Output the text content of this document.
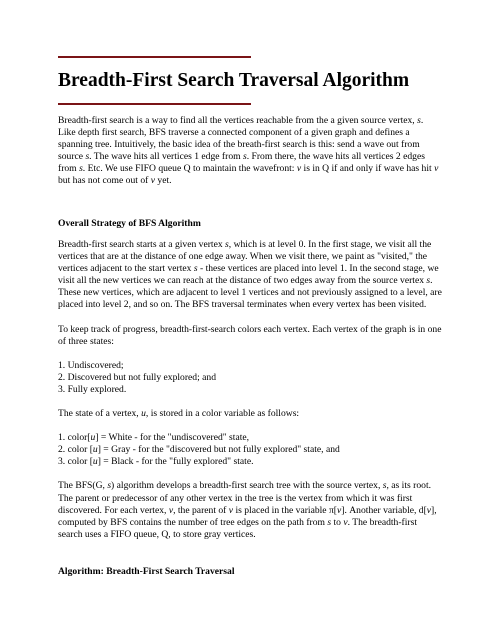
Breadth-First Search Traversal Algorithm

Breadth-first search is a way to find all the vertices reachable from the a given source vertex, s. Like depth first search, BFS traverse a connected component of a given graph and defines a spanning tree. Intuitively, the basic idea of the breath-first search is this: send a wave out from source s. The wave hits all vertices 1 edge from s. From there, the wave hits all vertices 2 edges from s. Etc. We use FIFO queue Q to maintain the wavefront: v is in Q if and only if wave has hit v but has not come out of v yet.

Overall Strategy of BFS Algorithm

Breadth-first search starts at a given vertex s, which is at level 0. In the first stage, we visit all the vertices that are at the distance of one edge away. When we visit there, we paint as "visited," the vertices adjacent to the start vertex s - these vertices are placed into level 1. In the second stage, we visit all the new vertices we can reach at the distance of two edges away from the source vertex s. These new vertices, which are adjacent to level 1 vertices and not previously assigned to a level, are placed into level 2, and so on. The BFS traversal terminates when every vertex has been visited.

To keep track of progress, breadth-first-search colors each vertex. Each vertex of the graph is in one of three states:

1. Undiscovered;
2. Discovered but not fully explored; and
3. Fully explored.

The state of a vertex, u, is stored in a color variable as follows:

1. color[u] = White - for the "undiscovered" state,
2. color [u] = Gray - for the "discovered but not fully explored" state, and
3. color [u] = Black - for the "fully explored" state.

The BFS(G, s) algorithm develops a breadth-first search tree with the source vertex, s, as its root. The parent or predecessor of any other vertex in the tree is the vertex from which it was first discovered. For each vertex, v, the parent of v is placed in the variable π[v]. Another variable, d[v], computed by BFS contains the number of tree edges on the path from s to v. The breadth-first search uses a FIFO queue, Q, to store gray vertices.

Algorithm: Breadth-First Search Traversal
